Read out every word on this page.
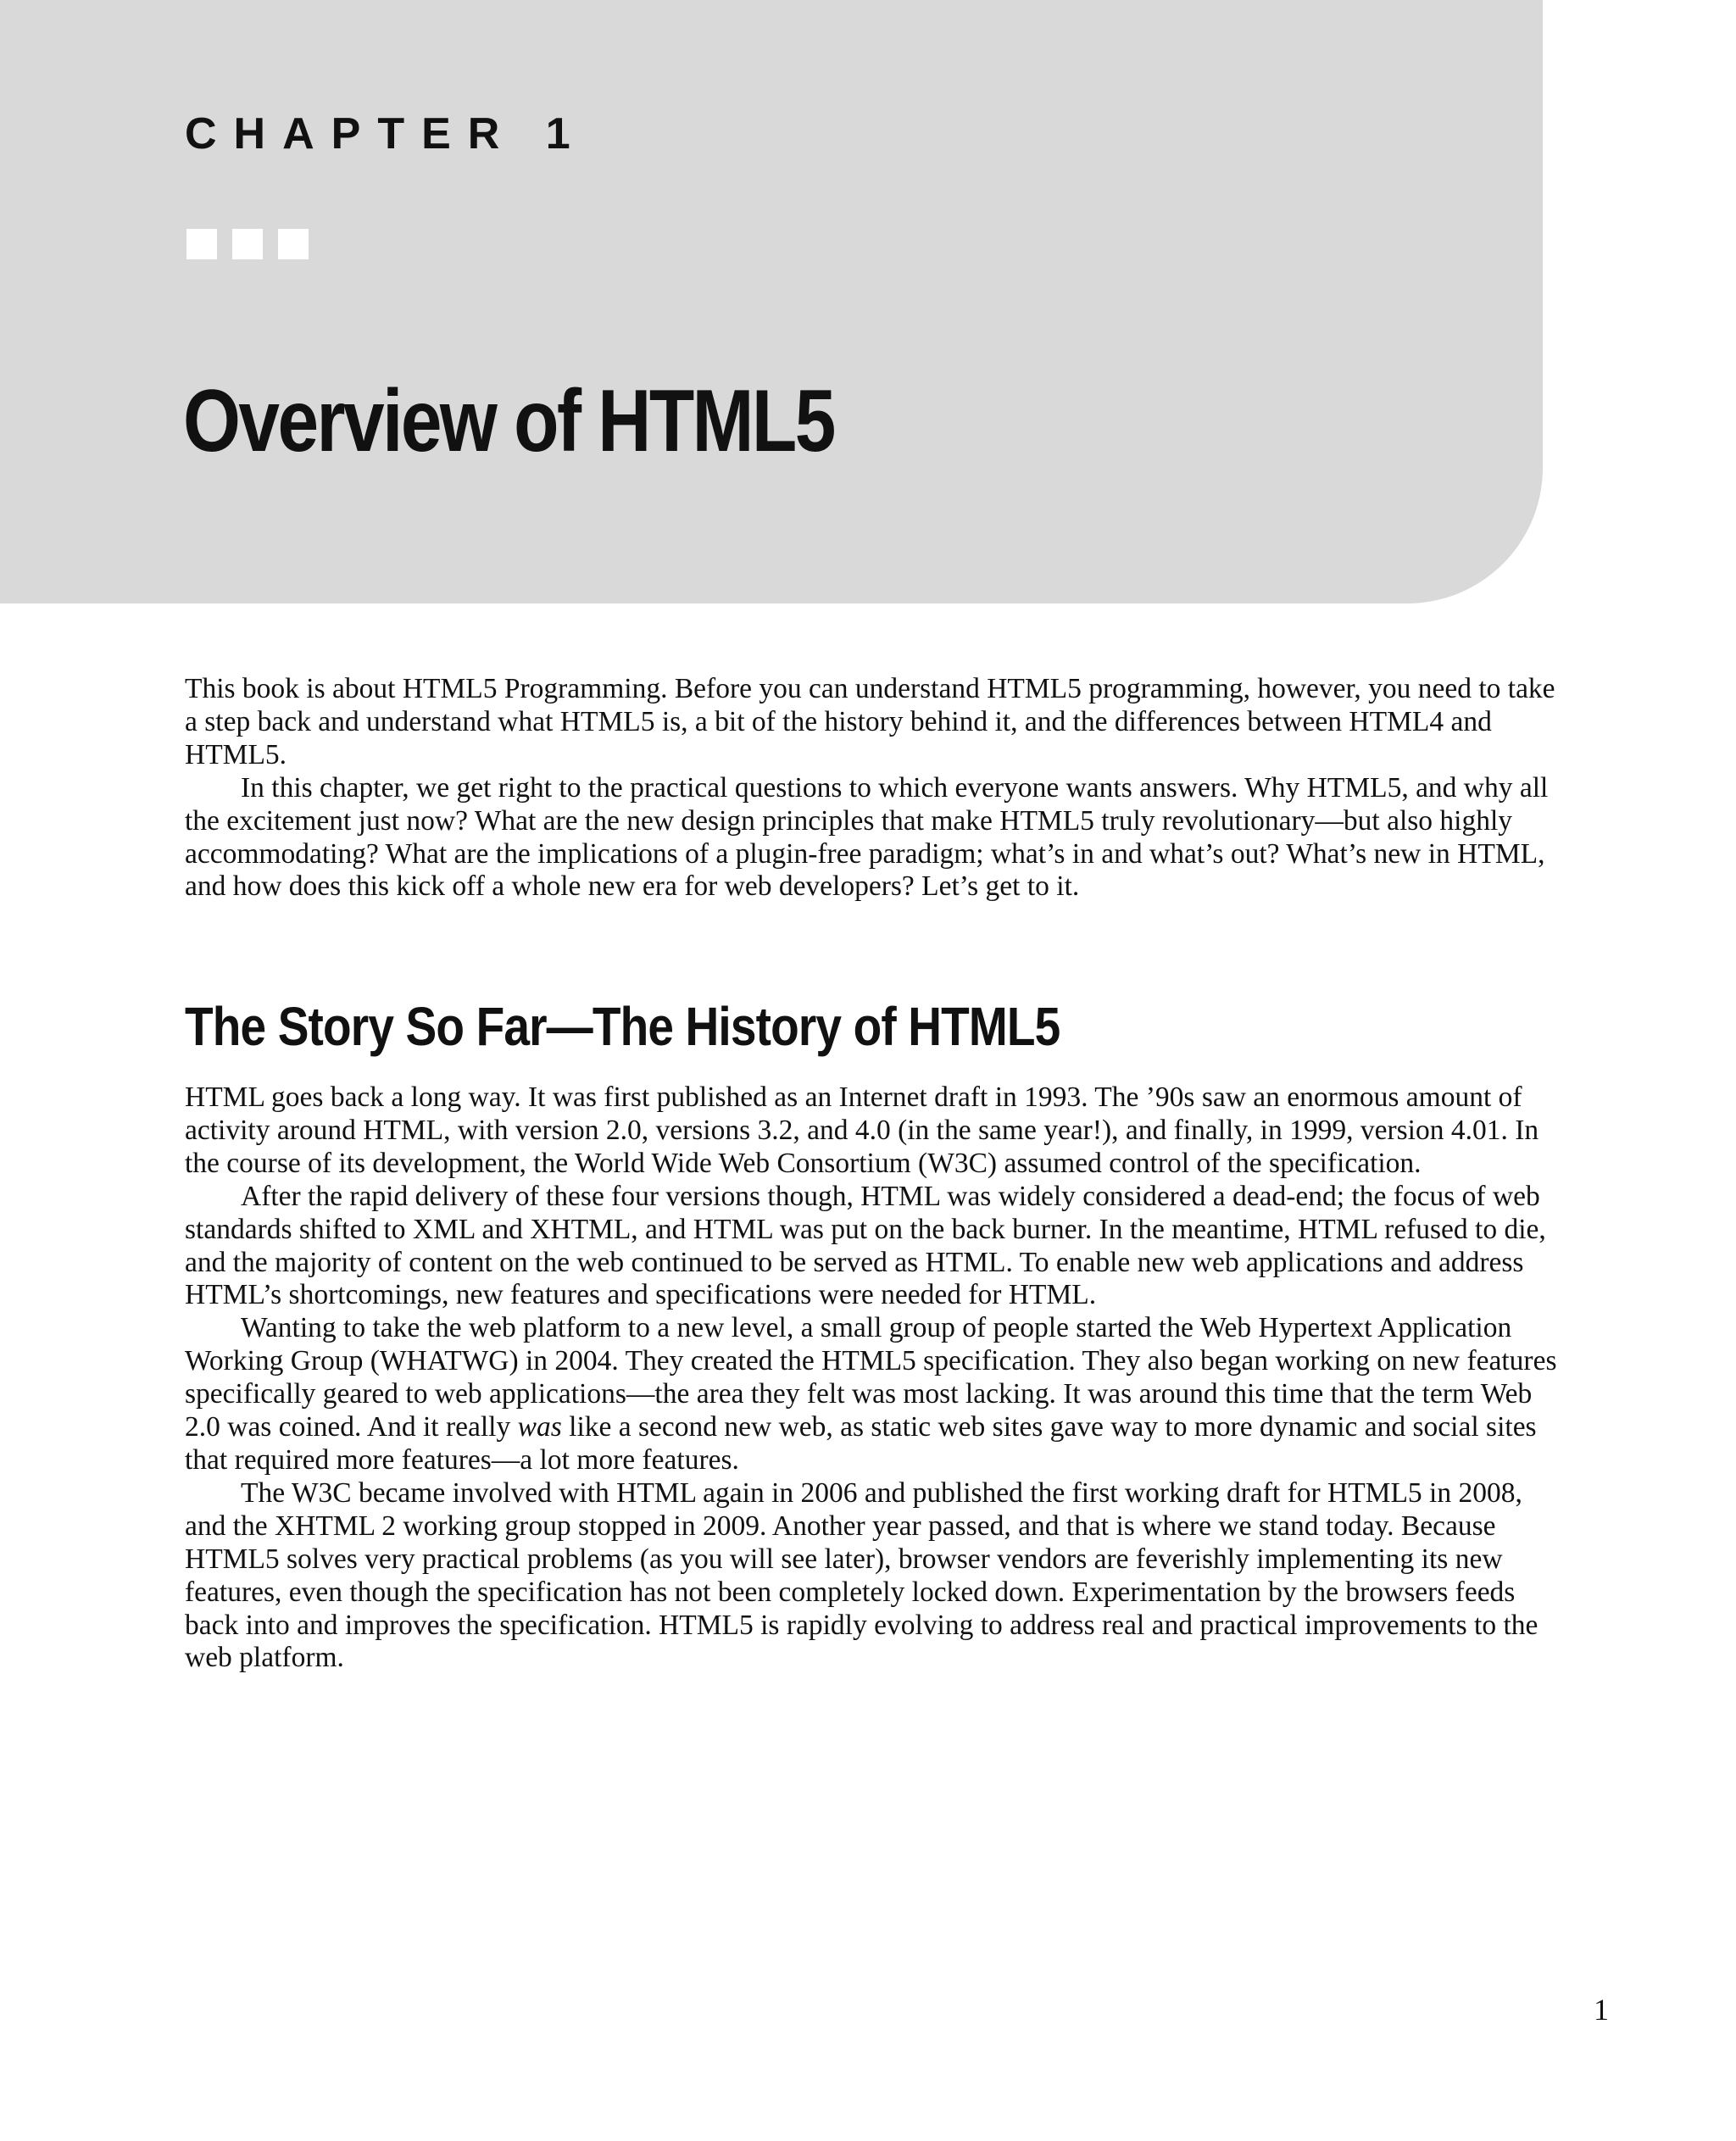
CHAPTER 1
Overview of HTML5

This book is about HTML5 Programming. Before you can understand HTML5 programming, however, you need to take a step back and understand what HTML5 is, a bit of the history behind it, and the differences between HTML4 and HTML5.

In this chapter, we get right to the practical questions to which everyone wants answers. Why HTML5, and why all the excitement just now? What are the new design principles that make HTML5 truly revolutionary—but also highly accommodating? What are the implications of a plugin-free paradigm; what’s in and what’s out? What’s new in HTML, and how does this kick off a whole new era for web developers? Let’s get to it.

The Story So Far—The History of HTML5

HTML goes back a long way. It was first published as an Internet draft in 1993. The ’90s saw an enormous amount of activity around HTML, with version 2.0, versions 3.2, and 4.0 (in the same year!), and finally, in 1999, version 4.01. In the course of its development, the World Wide Web Consortium (W3C) assumed control of the specification.

After the rapid delivery of these four versions though, HTML was widely considered a dead-end; the focus of web standards shifted to XML and XHTML, and HTML was put on the back burner. In the meantime, HTML refused to die, and the majority of content on the web continued to be served as HTML. To enable new web applications and address HTML’s shortcomings, new features and specifications were needed for HTML.

Wanting to take the web platform to a new level, a small group of people started the Web Hypertext Application Working Group (WHATWG) in 2004. They created the HTML5 specification. They also began working on new features specifically geared to web applications—the area they felt was most lacking. It was around this time that the term Web 2.0 was coined. And it really was like a second new web, as static web sites gave way to more dynamic and social sites that required more features—a lot more features.

The W3C became involved with HTML again in 2006 and published the first working draft for HTML5 in 2008, and the XHTML 2 working group stopped in 2009. Another year passed, and that is where we stand today. Because HTML5 solves very practical problems (as you will see later), browser vendors are feverishly implementing its new features, even though the specification has not been completely locked down. Experimentation by the browsers feeds back into and improves the specification. HTML5 is rapidly evolving to address real and practical improvements to the web platform.

1
